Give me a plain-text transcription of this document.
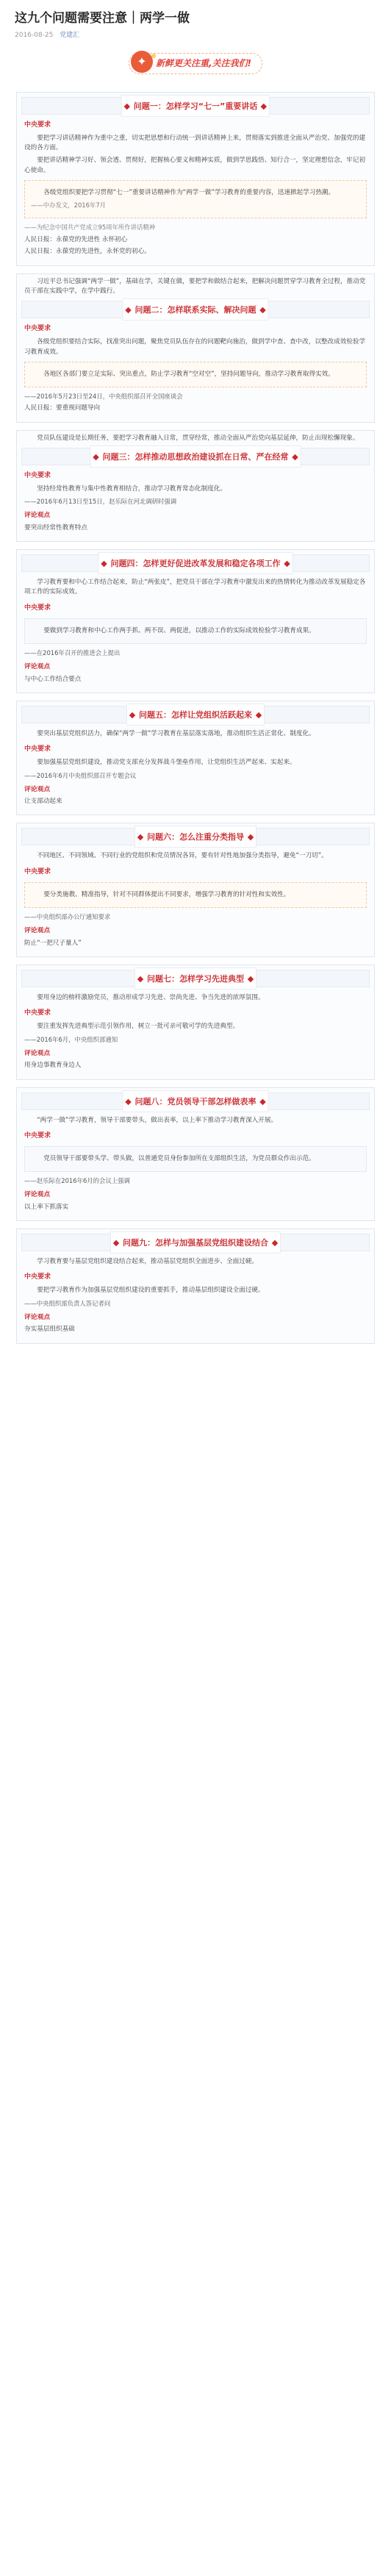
这九个问题需要注意｜两学一做
2016-08-25 党建汇
✦	新鲜更关注重,关注我们!
问题一：怎样学习“七一”重要讲话
中央要求

要把学习讲话精神作为重中之重，切实把思想和行动统一到讲话精神上来，贯彻落实到推进全面从严治党、加强党的建设的各方面。

要把讲话精神学习好、领会透、贯彻好，把握核心要义和精神实质，做到学思践悟、知行合一，坚定理想信念，牢记初心使命。

各级党组织要把学习贯彻“七一”重要讲话精神作为“两学一做”学习教育的重要内容，迅速掀起学习热潮。

——中办发文，2016年7月

——为纪念中国共产党成立95周年所作讲话精神

人民日报：永葆党的先进性 永怀初心

人民日报：永葆党的先进性，永怀党的初心。

习近平总书记强调“两学一做”，基础在学，关键在做，要把学和做结合起来，把解决问题贯穿学习教育全过程，推动党员干部在实践中学，在学中践行。

问题二：怎样联系实际、解决问题
中央要求

各级党组织要结合实际，找准突出问题，聚焦党员队伍存在的问题靶向施治，做到学中查、查中改，以整改成效检验学习教育成效。

各地区各部门要立足实际、突出重点，防止学习教育“空对空”，坚持问题导向，推动学习教育取得实效。

——2016年5月23日至24日，中央组织部召开全国座谈会

人民日报：要重视问题导向

党员队伍建设是长期任务，要把学习教育融入日常，贯穿经常，推动全面从严治党向基层延伸，防止出现松懈现象。

问题三：怎样推动思想政治建设抓在日常、严在经常
中央要求

坚持经常性教育与集中性教育相结合，推动学习教育常态化制度化。

——2016年6月13日至15日，赵乐际在河北调研时强调

评论观点

要突出经常性教育特点

问题四：怎样更好促进改革发展和稳定各项工作

学习教育要和中心工作结合起来，防止“两张皮”，把党员干部在学习教育中激发出来的热情转化为推动改革发展稳定各项工作的实际成效。

中央要求

要做到学习教育和中心工作两手抓、两不误、两促进，以推动工作的实际成效检验学习教育成果。

——在2016年召开的推进会上提出

评论观点

与中心工作结合要点

问题五：怎样让党组织活跃起来

要突出基层党组织活力，确保“两学一做”学习教育在基层落实落地，推动组织生活正常化、制度化。

中央要求

要加强基层党组织建设，推动党支部充分发挥战斗堡垒作用，让党组织生活严起来、实起来。

——2016年6月中央组织部召开专题会议

评论观点

让支部动起来

问题六：怎么注重分类指导

不同地区、不同领域、不同行业的党组织和党员情况各异，要有针对性地加强分类指导，避免“一刀切”。

中央要求

要分类施教、精准指导，针对不同群体提出不同要求，增强学习教育的针对性和实效性。

——中央组织部办公厅通知要求

评论观点

防止“一把尺子量人”

问题七：怎样学习先进典型

要用身边的榜样激励党员，推动形成学习先进、崇尚先进、争当先进的浓厚氛围。

中央要求

要注重发挥先进典型示范引领作用，树立一批可亲可敬可学的先进典型。

——2016年6月，中央组织部通知

评论观点

用身边事教育身边人

问题八：党员领导干部怎样做表率

“两学一做”学习教育，领导干部要带头，做出表率，以上率下推动学习教育深入开展。

中央要求

党员领导干部要带头学、带头做，以普通党员身份参加所在支部组织生活，为党员群众作出示范。

——赵乐际在2016年6月的会议上强调

评论观点

以上率下抓落实

问题九：怎样与加强基层党组织建设结合

学习教育要与基层党组织建设结合起来，推动基层党组织全面进步、全面过硬。

中央要求

要把学习教育作为加强基层党组织建设的重要抓手，推动基层组织建设全面过硬。

——中央组织部负责人答记者问

评论观点

夯实基层组织基础
